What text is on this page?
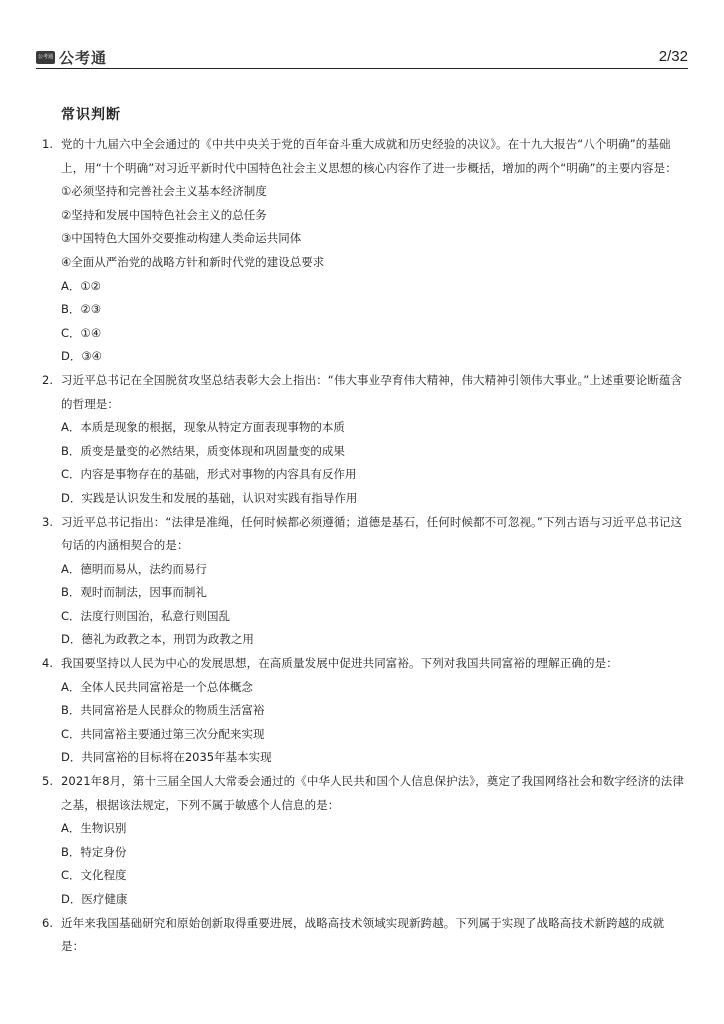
公考通 公考通	2/32
常识判断
1. 党的十九届六中全会通过的《中共中央关于党的百年奋斗重大成就和历史经验的决议》。在十九大报告“八个明确”的基础上，用“十个明确”对习近平新时代中国特色社会主义思想的核心内容作了进一步概括，增加的两个“明确”的主要内容是：
①必须坚持和完善社会主义基本经济制度
②坚持和发展中国特色社会主义的总任务
③中国特色大国外交要推动构建人类命运共同体
④全面从严治党的战略方针和新时代党的建设总要求
A．①②
B．②③
C．①④
D．③④
2. 习近平总书记在全国脱贫攻坚总结表彰大会上指出：“伟大事业孕育伟大精神，伟大精神引领伟大事业。”上述重要论断蕴含的哲理是：
A．本质是现象的根据，现象从特定方面表现事物的本质
B．质变是量变的必然结果，质变体现和巩固量变的成果
C．内容是事物存在的基础，形式对事物的内容具有反作用
D．实践是认识发生和发展的基础，认识对实践有指导作用
3. 习近平总书记指出：“法律是准绳，任何时候都必须遵循；道德是基石，任何时候都不可忽视。”下列古语与习近平总书记这句话的内涵相契合的是：
A．德明而易从，法约而易行
B．观时而制法，因事而制礼
C．法度行则国治，私意行则国乱
D．德礼为政教之本，刑罚为政教之用
4. 我国要坚持以人民为中心的发展思想，在高质量发展中促进共同富裕。下列对我国共同富裕的理解正确的是：
A．全体人民共同富裕是一个总体概念
B．共同富裕是人民群众的物质生活富裕
C．共同富裕主要通过第三次分配来实现
D．共同富裕的目标将在2035年基本实现
5. 2021年8月，第十三届全国人大常委会通过的《中华人民共和国个人信息保护法》，奠定了我国网络社会和数字经济的法律之基，根据该法规定，下列不属于敏感个人信息的是：
A．生物识别
B．特定身份
C．文化程度
D．医疗健康
6. 近年来我国基础研究和原始创新取得重要进展，战略高技术领域实现新跨越。下列属于实现了战略高技术新跨越的成就是：
